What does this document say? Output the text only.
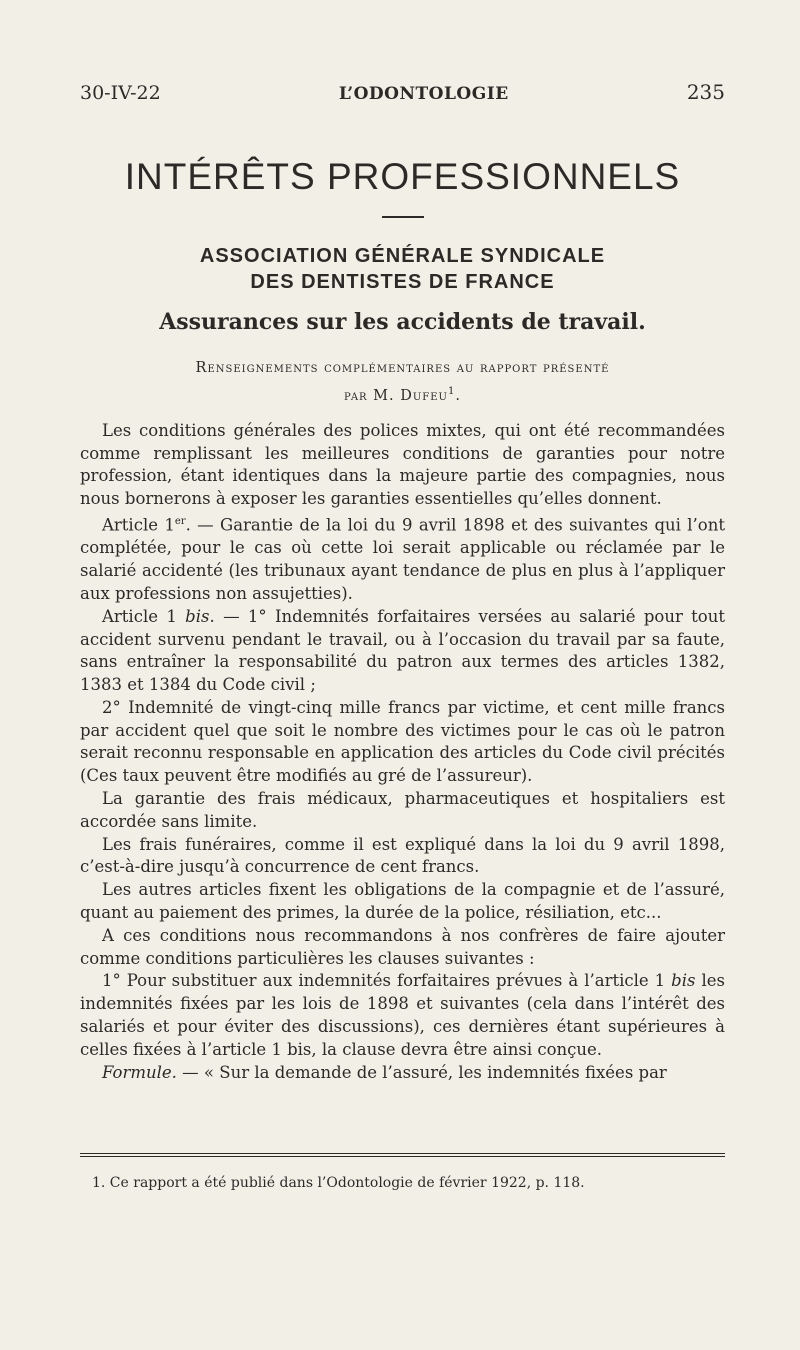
30-IV-22	L’ODONTOLOGIE	235
INTÉRÊTS PROFESSIONNELS
ASSOCIATION GÉNÉRALE SYNDICALE
DES DENTISTES DE FRANCE
Assurances sur les accidents de travail.
Renseignements complémentaires au rapport présenté
par M. Dufeu$^1$.

Les conditions générales des polices mixtes, qui ont été recommandées comme remplissant les meilleures conditions de garanties pour notre profession, étant identiques dans la majeure partie des compagnies, nous nous bornerons à exposer les garanties essentielles qu’elles donnent.

Article 1er. — Garantie de la loi du 9 avril 1898 et des suivantes qui l’ont complétée, pour le cas où cette loi serait applicable ou réclamée par le salarié accidenté (les tribunaux ayant tendance de plus en plus à l’appliquer aux professions non assujetties).

Article 1 bis. — 1° Indemnités forfaitaires versées au salarié pour tout accident survenu pendant le travail, ou à l’occasion du travail par sa faute, sans entraîner la responsabilité du patron aux termes des articles 1382, 1383 et 1384 du Code civil ;

2° Indemnité de vingt-cinq mille francs par victime, et cent mille francs par accident quel que soit le nombre des victimes pour le cas où le patron serait reconnu responsable en application des articles du Code civil précités (Ces taux peuvent être modifiés au gré de l’assureur).

La garantie des frais médicaux, pharmaceutiques et hospitaliers est accordée sans limite.

Les frais funéraires, comme il est expliqué dans la loi du 9 avril 1898, c’est-à-dire jusqu’à concurrence de cent francs.

Les autres articles fixent les obligations de la compagnie et de l’assuré, quant au paiement des primes, la durée de la police, résiliation, etc...

A ces conditions nous recommandons à nos confrères de faire ajouter comme conditions particulières les clauses suivantes :

1° Pour substituer aux indemnités forfaitaires prévues à l’article 1 bis les indemnités fixées par les lois de 1898 et suivantes (cela dans l’intérêt des salariés et pour éviter des discussions), ces dernières étant supérieures à celles fixées à l’article 1 bis, la clause devra être ainsi conçue.

Formule. — « Sur la demande de l’assuré, les indemnités fixées par

1. Ce rapport a été publié dans l’Odontologie de février 1922, p. 118.
